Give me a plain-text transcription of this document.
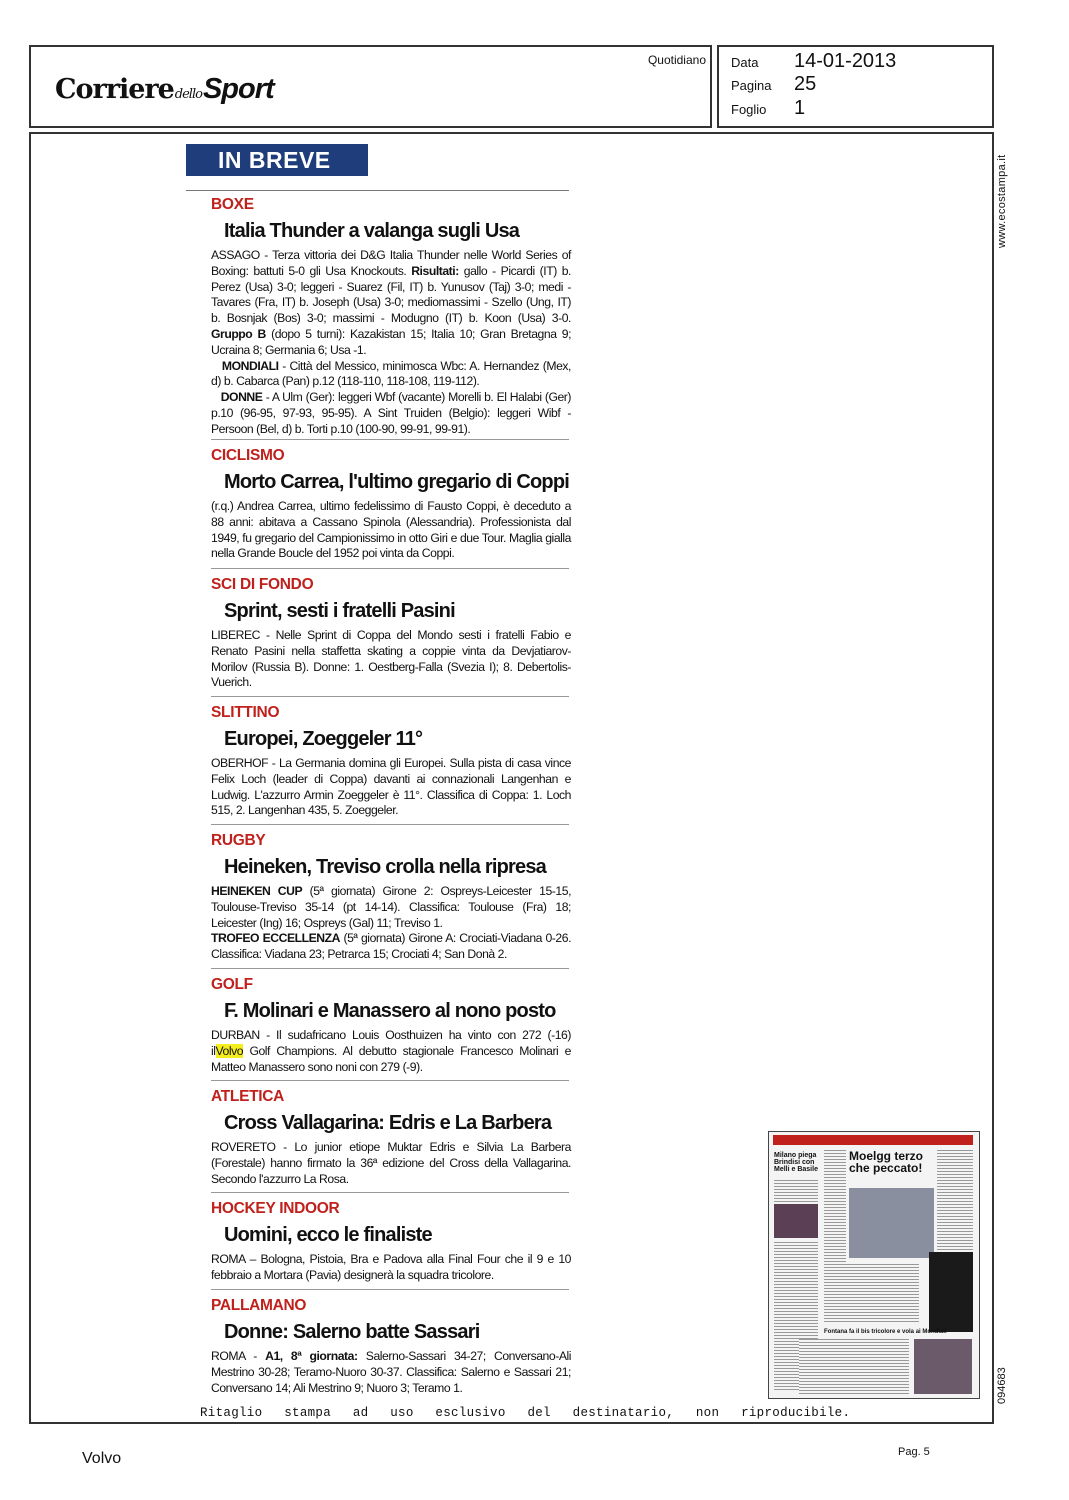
CorrieredelloSport
Quotidiano Data 14-01-2013
Pagina 25
Foglio 1
IN BREVE
BOXE
Italia Thunder a valanga sugli Usa
ASSAGO - Terza vittoria dei D&G Italia Thunder nelle World Series of Boxing: battuti 5-0 gli Usa Knockouts. Risultati: gallo - Picardi (IT) b. Perez (Usa) 3-0; leggeri - Suarez (Fil, IT) b. Yunusov (Taj) 3-0; medi - Tavares (Fra, IT) b. Joseph (Usa) 3-0; mediomassimi - Szello (Ung, IT) b. Bosnjak (Bos) 3-0; massimi - Modugno (IT) b. Koon (Usa) 3-0. Gruppo B (dopo 5 turni): Kazakistan 15; Italia 10; Gran Bretagna 9; Ucraina 8; Germania 6; Usa -1.
MONDIALI - Città del Messico, minimosca Wbc: A. Hernandez (Mex, d) b. Cabarca (Pan) p.12 (118-110, 118-108, 119-112).
DONNE - A Ulm (Ger): leggeri Wbf (vacante) Morelli b. El Halabi (Ger) p.10 (96-95, 97-93, 95-95). A Sint Truiden (Belgio): leggeri Wibf - Persoon (Bel, d) b. Torti p.10 (100-90, 99-91, 99-91).
CICLISMO
Morto Carrea, l'ultimo gregario di Coppi
(r.q.) Andrea Carrea, ultimo fedelissimo di Fausto Coppi, è deceduto a 88 anni: abitava a Cassano Spinola (Alessandria). Professionista dal 1949, fu gregario del Campionissimo in otto Giri e due Tour. Maglia gialla nella Grande Boucle del 1952 poi vinta da Coppi.
SCI DI FONDO
Sprint, sesti i fratelli Pasini
LIBEREC - Nelle Sprint di Coppa del Mondo sesti i fratelli Fabio e Renato Pasini nella staffetta skating a coppie vinta da Devjatiarov-Morilov (Russia B). Donne: 1. Oestberg-Falla (Svezia I); 8. Debertolis-Vuerich.
SLITTINO
Europei, Zoeggeler 11°
OBERHOF - La Germania domina gli Europei. Sulla pista di casa vince Felix Loch (leader di Coppa) davanti ai connazionali Langenhan e Ludwig. L'azzurro Armin Zoeggeler è 11°. Classifica di Coppa: 1. Loch 515, 2. Langenhan 435, 5. Zoeggeler.
RUGBY
Heineken, Treviso crolla nella ripresa
HEINEKEN CUP (5ª giornata) Girone 2: Ospreys-Leicester 15-15, Toulouse-Treviso 35-14 (pt 14-14). Classifica: Toulouse (Fra) 18; Leicester (Ing) 16; Ospreys (Gal) 11; Treviso 1.
TROFEO ECCELLENZA (5ª giornata) Girone A: Crociati-Viadana 0-26. Classifica: Viadana 23; Petrarca 15; Crociati 4; San Donà 2.
GOLF
F. Molinari e Manassero al nono posto
DURBAN - Il sudafricano Louis Oosthuizen ha vinto con 272 (-16) ilVolvo Golf Champions. Al debutto stagionale Francesco Molinari e Matteo Manassero sono noni con 279 (-9).
ATLETICA
Cross Vallagarina: Edris e La Barbera
ROVERETO - Lo junior etiope Muktar Edris e Silvia La Barbera (Forestale) hanno firmato la 36ª edizione del Cross della Vallagarina. Secondo l'azzurro La Rosa.
HOCKEY INDOOR
Uomini, ecco le finaliste
ROMA – Bologna, Pistoia, Bra e Padova alla Final Four che il 9 e 10 febbraio a Mortara (Pavia) designerà la squadra tricolore.
PALLAMANO
Donne: Salerno batte Sassari
ROMA - A1, 8ª giornata: Salerno-Sassari 34-27; Conversano-Ali Mestrino 30-28; Teramo-Nuoro 30-37. Classifica: Salerno e Sassari 21; Conversano 14; Ali Mestrino 9; Nuoro 3; Teramo 1.
Milano piega Brindisi con Melli e Basile
Moelgg terzo che peccato!
Fontana fa il bis tricolore e vola ai Mondiali
www.ecostampa.it
094683
Ritaglio stampa ad uso esclusivo del destinatario, non riproducibile.
Volvo	Pag. 5
